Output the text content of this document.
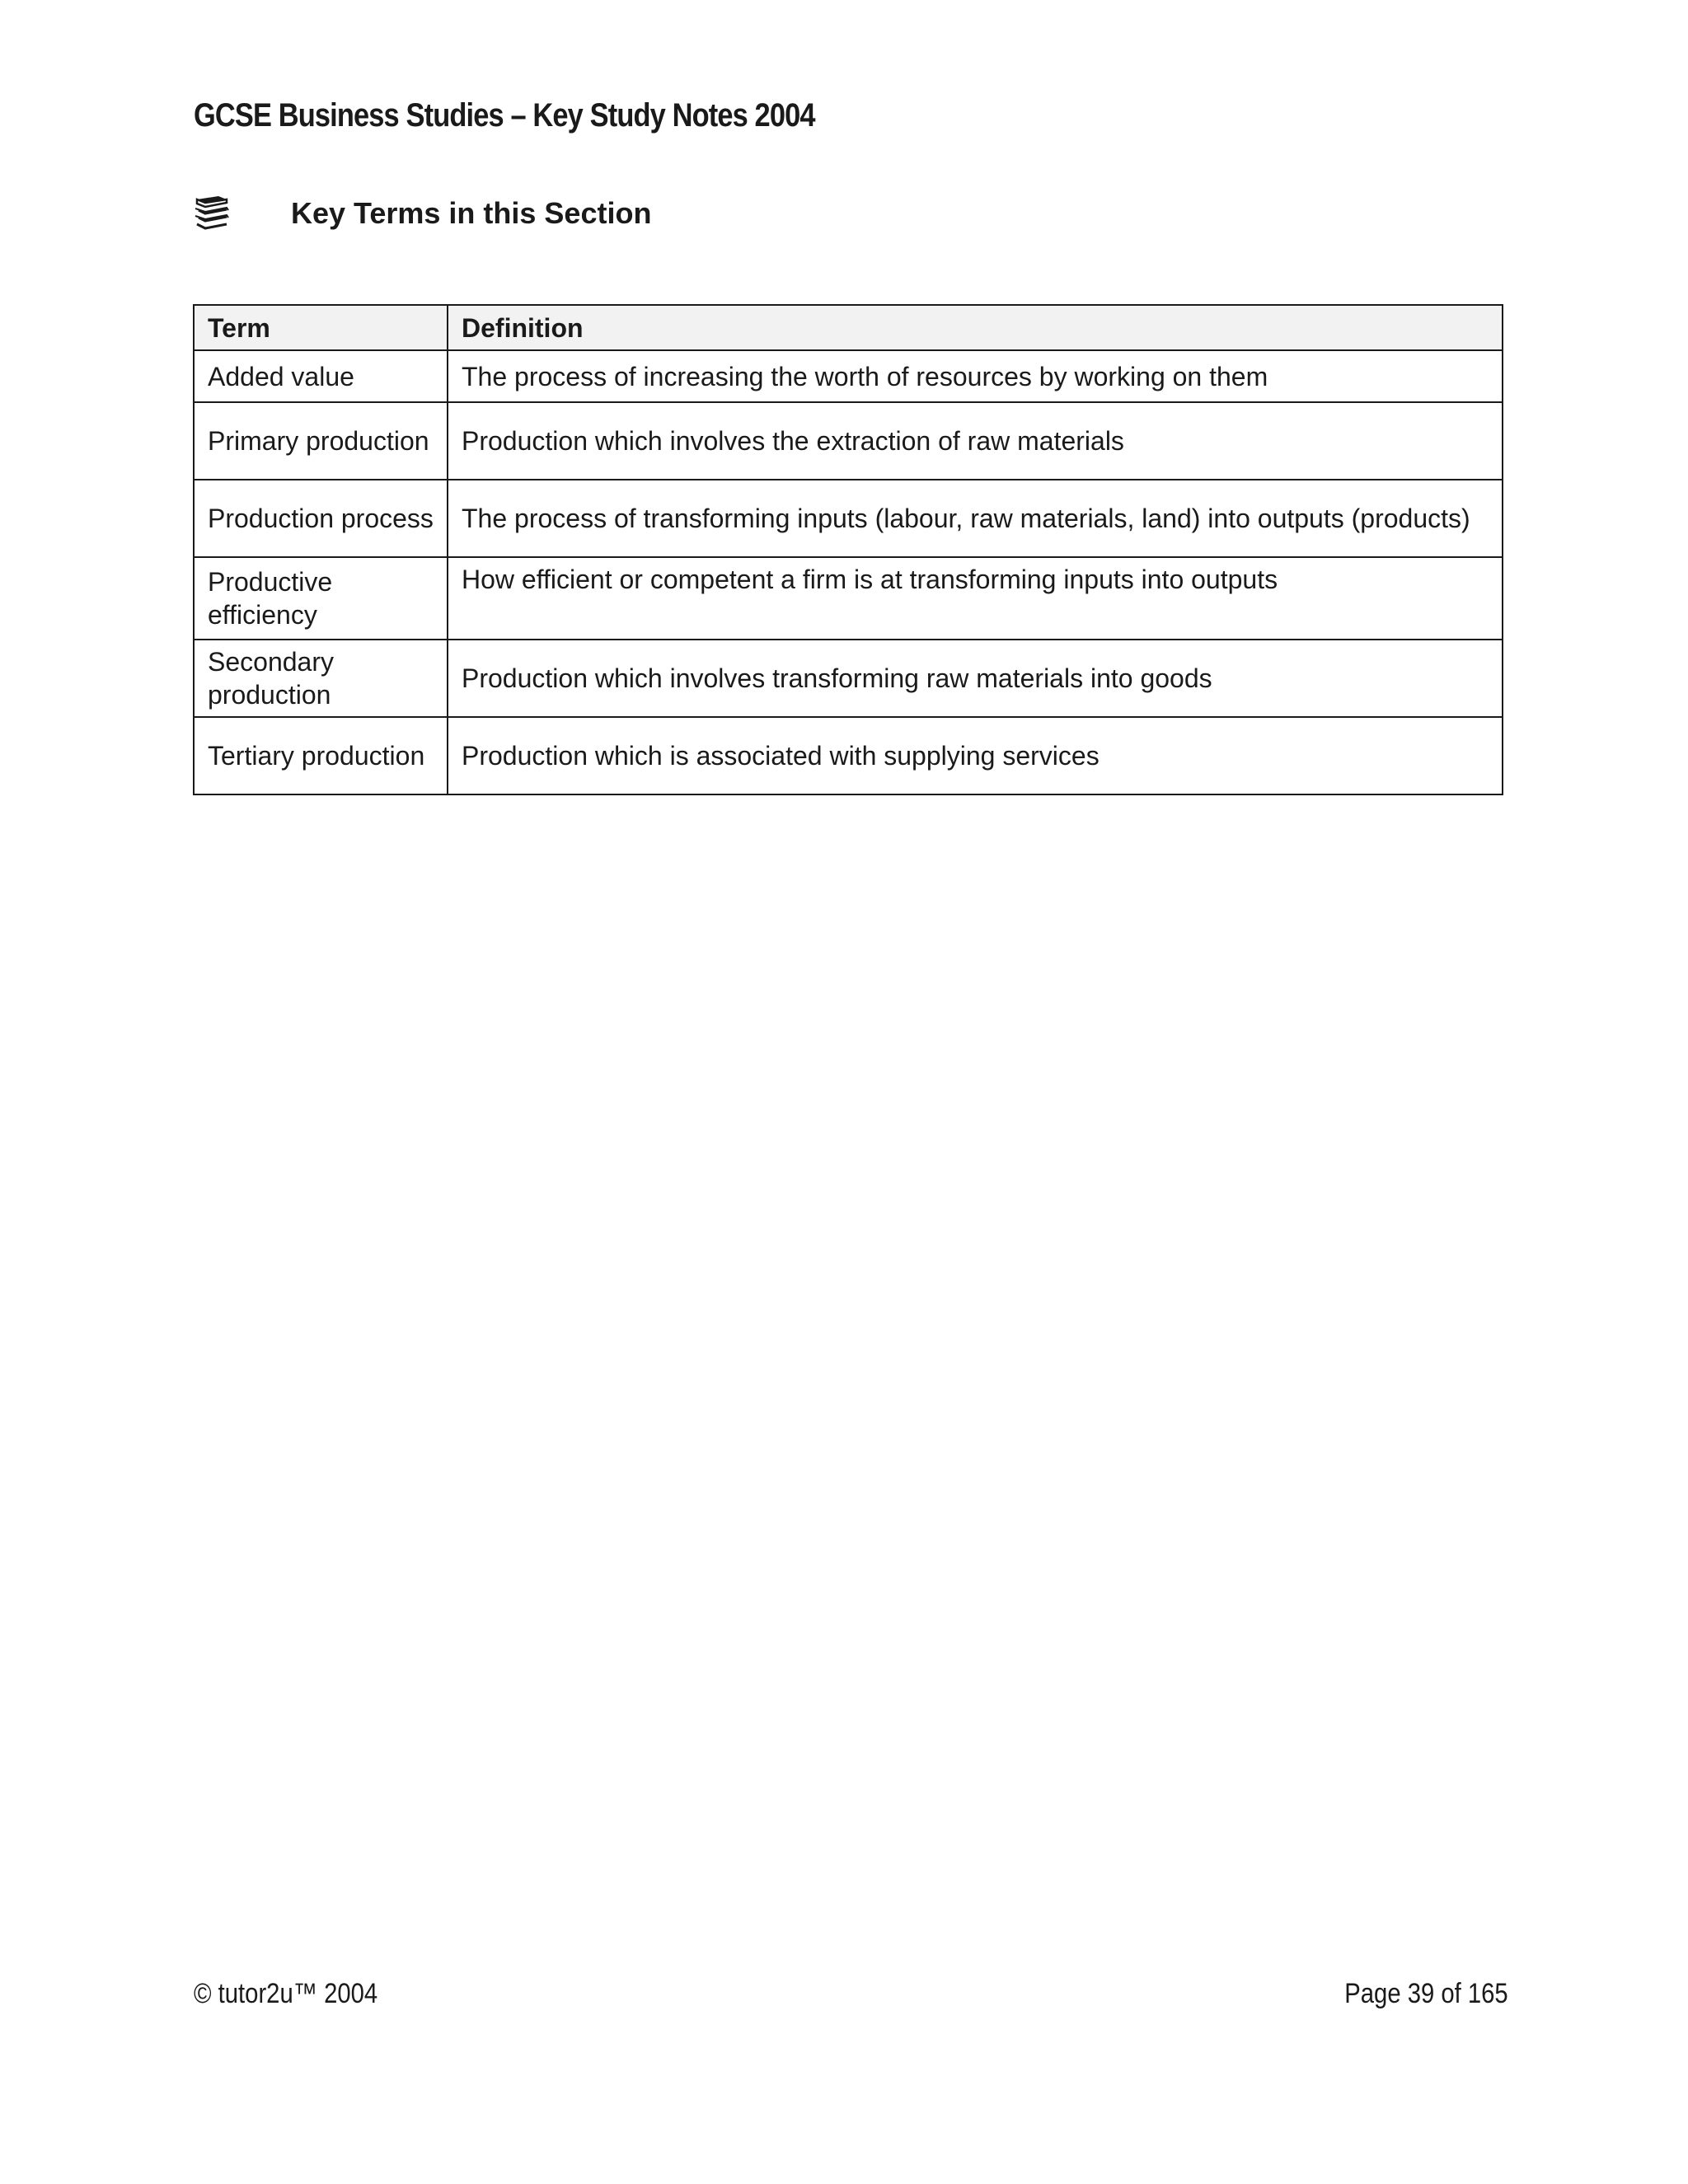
GCSE Business Studies – Key Study Notes 2004
Key Terms in this Section
Term	Definition
Added value	The process of increasing the worth of resources by working on them
Primary production	Production which involves the extraction of raw materials
Production process	The process of transforming inputs (labour, raw materials, land) into outputs (products)
Productive efficiency	How efficient or competent a firm is at transforming inputs into outputs
Secondary production	Production which involves transforming raw materials into goods
Tertiary production	Production which is associated with supplying services
© tutor2u™ 2004	Page 39 of 165
